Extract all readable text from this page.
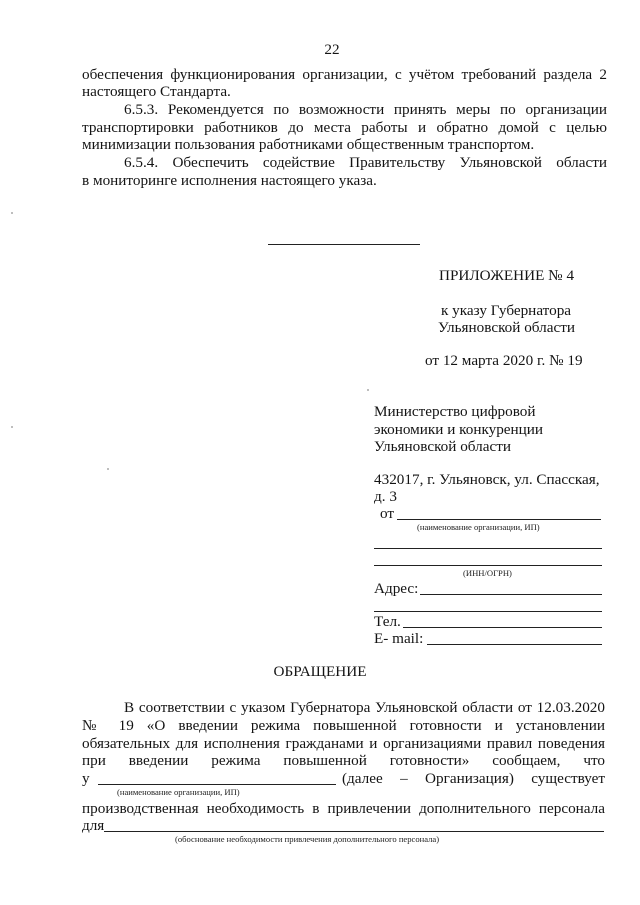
22
обеспечения функционирования организации, с учётом требований раздела 2
настоящего Стандарта.
6.5.3. Рекомендуется по возможности принять меры по организации
транспортировки работников до места работы и обратно домой с целью
минимизации пользования работниками общественным транспортом.
6.5.4. Обеспечить содействие Правительству Ульяновской области
в мониторинге исполнения настоящего указа.
ПРИЛОЖЕНИЕ № 4
к указу Губернатора
Ульяновской области
от 12 марта 2020 г. № 19
Министерство цифровой
экономики и конкуренции
Ульяновской области
432017, г. Ульяновск, ул. Спасская,
д. 3
от
(наименование организации, ИП)
(ИНН/ОГРН)
Адрес:
Тел.
E- mail:
ОБРАЩЕНИЕ
В соответствии с указом Губернатора Ульяновской области от 12.03.2020
№ 19 «О введении режима повышенной готовности и установлении
обязательных для исполнения гражданами и организациями правил поведения
при введении режима повышенной готовности» сообщаем, что
у	(далее – Организация) существует
(наименование организации, ИП)
производственная необходимость в привлечении дополнительного персонала
для
(обоснование необходимости привлечения дополнительного персонала)
